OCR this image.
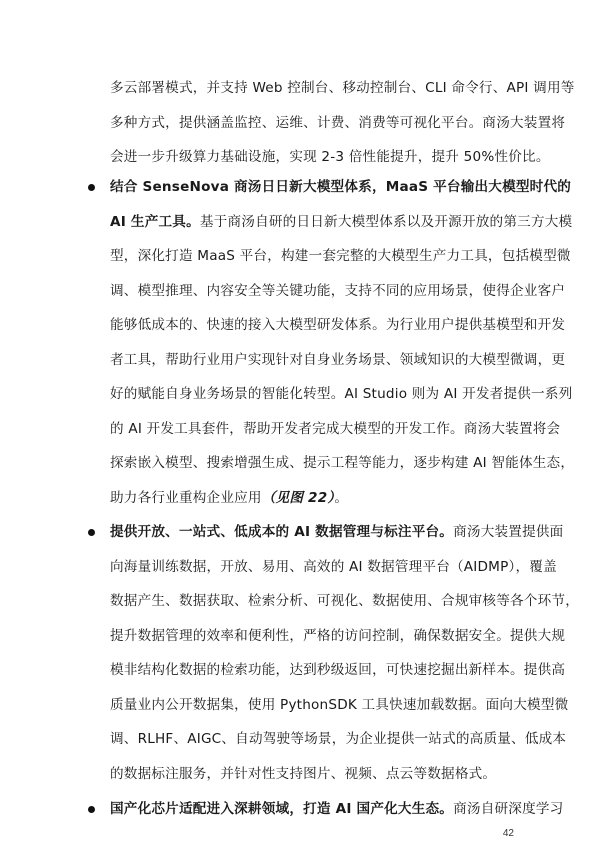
多云部署模式，并支持 Web 控制台、移动控制台、CLI 命令行、API 调用等
多种方式，提供涵盖监控、运维、计费、消费等可视化平台。商汤大装置将
会进一步升级算力基础设施，实现 2-3 倍性能提升，提升 50%性价比。
结合 SenseNova 商汤日日新大模型体系，MaaS 平台输出大模型时代的
AI 生产工具。基于商汤自研的日日新大模型体系以及开源开放的第三方大模
型，深化打造 MaaS 平台，构建一套完整的大模型生产力工具，包括模型微
调、模型推理、内容安全等关键功能，支持不同的应用场景，使得企业客户
能够低成本的、快速的接入大模型研发体系。为行业用户提供基模型和开发
者工具，帮助行业用户实现针对自身业务场景、领域知识的大模型微调，更
好的赋能自身业务场景的智能化转型。AI Studio 则为 AI 开发者提供一系列
的 AI 开发工具套件，帮助开发者完成大模型的开发工作。商汤大装置将会
探索嵌入模型、搜索增强生成、提示工程等能力，逐步构建 AI 智能体生态，
助力各行业重构企业应用（见图 22）。
提供开放、一站式、低成本的 AI 数据管理与标注平台。商汤大装置提供面
向海量训练数据，开放、易用、高效的 AI 数据管理平台（AIDMP），覆盖
数据产生、数据获取、检索分析、可视化、数据使用、合规审核等各个环节，
提升数据管理的效率和便利性，严格的访问控制，确保数据安全。提供大规
模非结构化数据的检索功能，达到秒级返回，可快速挖掘出新样本。提供高
质量业内公开数据集，使用 PythonSDK 工具快速加载数据。面向大模型微
调、RLHF、AIGC、自动驾驶等场景，为企业提供一站式的高质量、低成本
的数据标注服务，并针对性支持图片、视频、点云等数据格式。
国产化芯片适配进入深耕领域，打造 AI 国产化大生态。商汤自研深度学习
42
